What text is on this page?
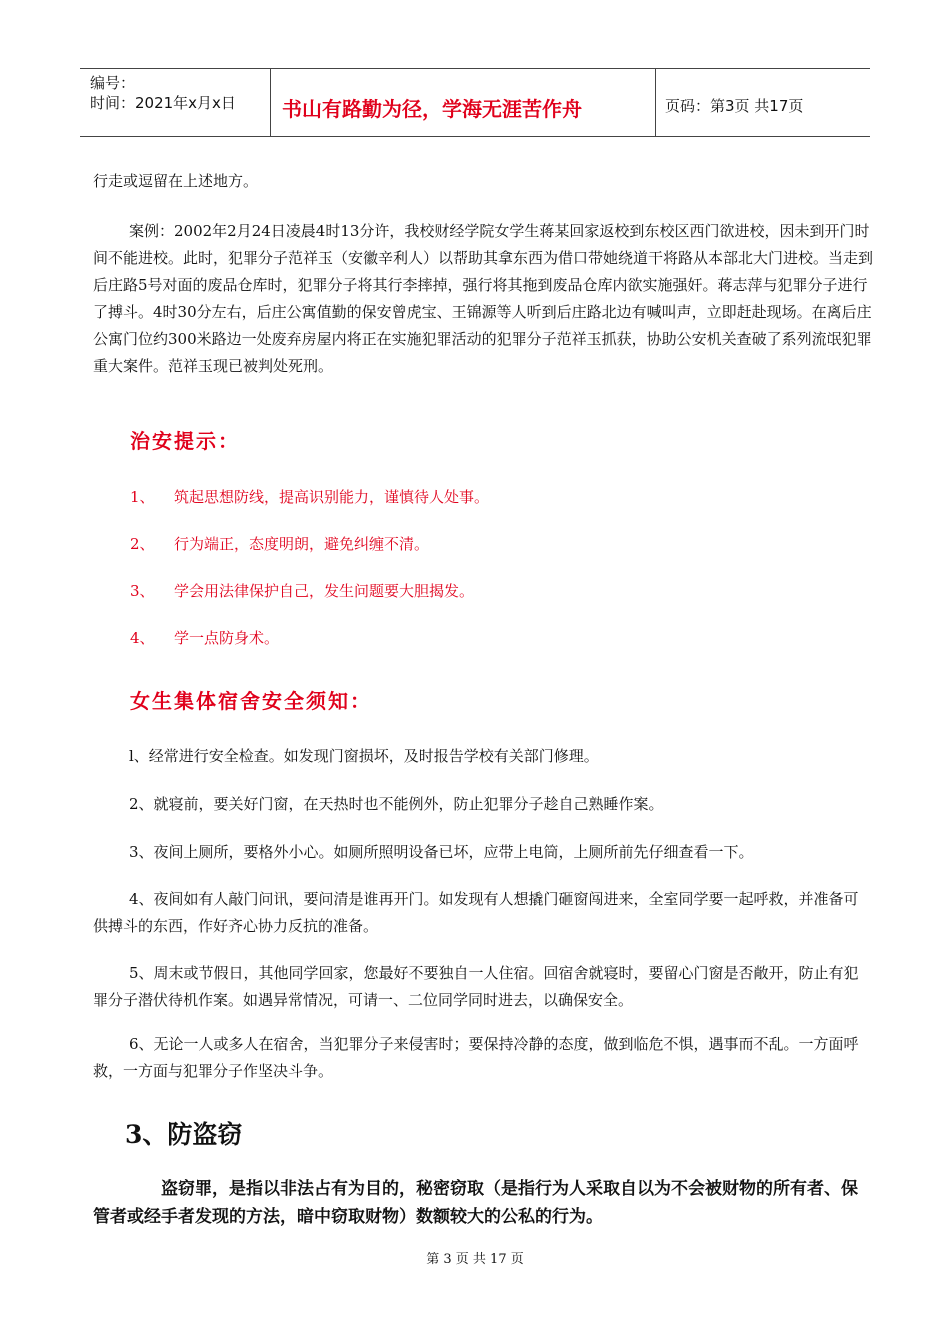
编号：
时间：2021年x月x日 书山有路勤为径，学海无涯苦作舟	页码：第3页 共17页

行走或逗留在上述地方。

案例：2002年2月24日凌晨4时13分许，我校财经学院女学生蒋某回家返校到东校区西门欲进校，因未到开门时间不能进校。此时，犯罪分子范祥玉（安徽辛利人）以帮助其拿东西为借口带她绕道干将路从本部北大门进校。当走到后庄路5号对面的废品仓库时，犯罪分子将其行李摔掉，强行将其拖到废品仓库内欲实施强奸。蒋志萍与犯罪分子进行了搏斗。4时30分左右，后庄公寓值勤的保安曾虎宝、王锦源等人听到后庄路北边有喊叫声，立即赶赴现场。在离后庄公寓门位约300米路边一处废弃房屋内将正在实施犯罪活动的犯罪分子范祥玉抓获，协助公安机关查破了系列流氓犯罪重大案件。范祥玉现已被判处死刑。

治安提示：
1、 筑起思想防线，提高识别能力，谨慎待人处事。
2、 行为端正，态度明朗，避免纠缠不清。
3、 学会用法律保护自己，发生问题要大胆揭发。
4、 学一点防身术。
女生集体宿舍安全须知：

l、经常进行安全检查。如发现门窗损坏，及时报告学校有关部门修理。

2、就寝前，要关好门窗，在天热时也不能例外，防止犯罪分子趁自己熟睡作案。

3、夜间上厕所，要格外小心。如厕所照明设备已坏，应带上电筒，上厕所前先仔细查看一下。

4、夜间如有人敲门问讯，要问清是谁再开门。如发现有人想撬门砸窗闯进来，全室同学要一起呼救，并准备可供搏斗的东西，作好齐心协力反抗的准备。

5、周末或节假日，其他同学回家，您最好不要独自一人住宿。回宿舍就寝时，要留心门窗是否敞开，防止有犯罪分子潜伏待机作案。如遇异常情况，可请一、二位同学同时进去，以确保安全。

6、无论一人或多人在宿舍，当犯罪分子来侵害时；要保持冷静的态度，做到临危不惧，遇事而不乱。一方面呼救，一方面与犯罪分子作坚决斗争。

3、防盗窃

盗窃罪，是指以非法占有为目的，秘密窃取（是指行为人采取自以为不会被财物的所有者、保管者或经手者发现的方法，暗中窃取财物）数额较大的公私的行为。

第 3 页 共 17 页
